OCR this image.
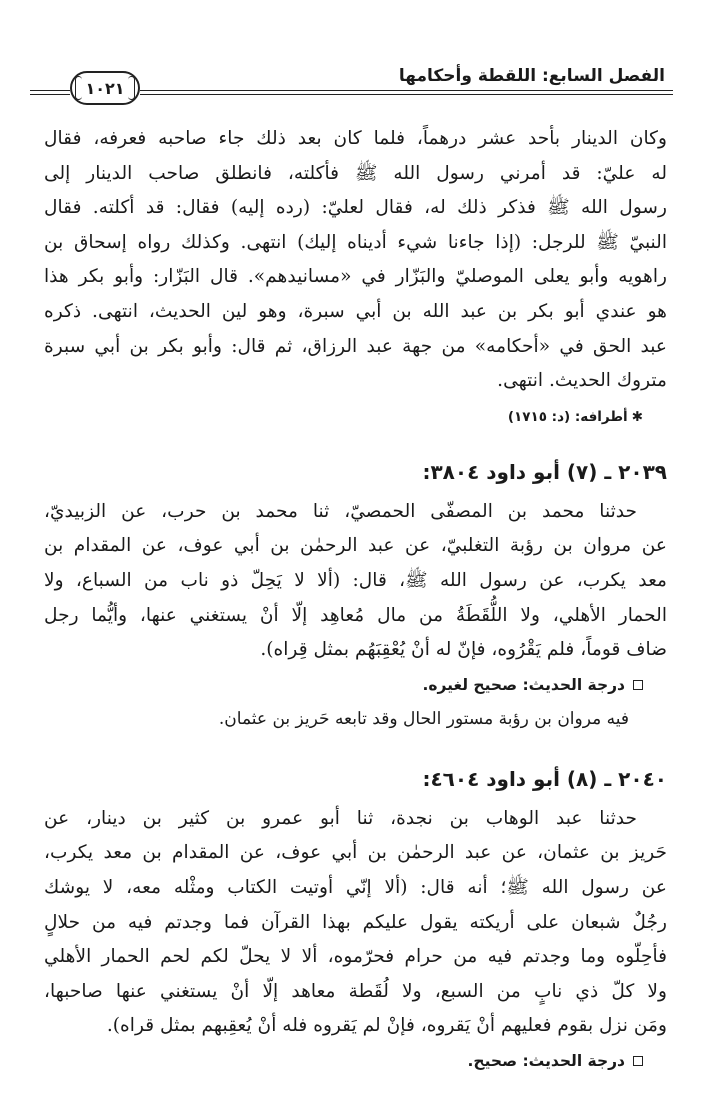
الفصل السابع: اللقطة وأحكامها
١٠٢١

وكان الدينار بأحد عشر درهماً، فلما كان بعد ذلك جاء صاحبه فعرفه، فقال

له عليّ: قد أمرني رسول الله ﷺ فأكلته، فانطلق صاحب الدينار إلى

رسول الله ﷺ فذكر ذلك له، فقال لعليّ: (رده إليه) فقال: قد أكلته. فقال

النبيّ ﷺ للرجل: (إذا جاءنا شيء أديناه إليك) انتهى. وكذلك رواه إسحاق بن

راهويه وأبو يعلى الموصليّ والبَزّار في «مسانيدهم». قال البَزّار: وأبو بكر هذا

هو عندي أبو بكر بن عبد الله بن أبي سبرة، وهو لين الحديث، انتهى. ذكره

عبد الحق في «أحكامه» من جهة عبد الرزاق، ثم قال: وأبو بكر بن أبي سبرة

متروك الحديث. انتهى.

✱أطرافه: (د: ١٧١٥)

٢٠٣٩ ـ (٧) أبو داود ٣٨٠٤:

حدثنا محمد بن المصفّى الحمصيّ، ثنا محمد بن حرب، عن الزبيديّ،

عن مروان بن رؤبة التغلبيّ، عن عبد الرحمٰن بن أبي عوف، عن المقدام بن

معد يكرب، عن رسول الله ﷺ، قال: (ألا لا يَحِلّ ذو ناب من السباع، ولا

الحمار الأهلي، ولا اللُّقَطَةُ من مال مُعاهِد إلّا أنْ يستغني عنها، وأيُّما رجل

ضاف قوماً، فلم يَقْرُوه، فإنّ له أنْ يُعْقِبَهُم بمثل قِراه).

درجة الحديث: صحيح لغيره.

فيه مروان بن رؤبة مستور الحال وقد تابعه حَريز بن عثمان.

٢٠٤٠ ـ (٨) أبو داود ٤٦٠٤:

حدثنا عبد الوهاب بن نجدة، ثنا أبو عمرو بن كثير بن دينار، عن

حَريز بن عثمان، عن عبد الرحمٰن بن أبي عوف، عن المقدام بن معد يكرب،

عن رسول الله ﷺ؛ أنه قال: (ألا إنّي أوتيت الكتاب ومثْله معه، لا يوشك

رجُلٌ شبعان على أريكته يقول عليكم بهذا القرآن فما وجدتم فيه من حلالٍ

فأحِلّوه وما وجدتم فيه من حرام فحرّموه، ألا لا يحلّ لكم لحم الحمار الأهلي

ولا كلّ ذي نابٍ من السبع، ولا لُقَطة معاهد إلّا أنْ يستغني عنها صاحبها،

ومَن نزل بقوم فعليهم أنْ يَقروه، فإنْ لم يَقروه فله أنْ يُعقِبهم بمثل قراه).

درجة الحديث: صحيح.
